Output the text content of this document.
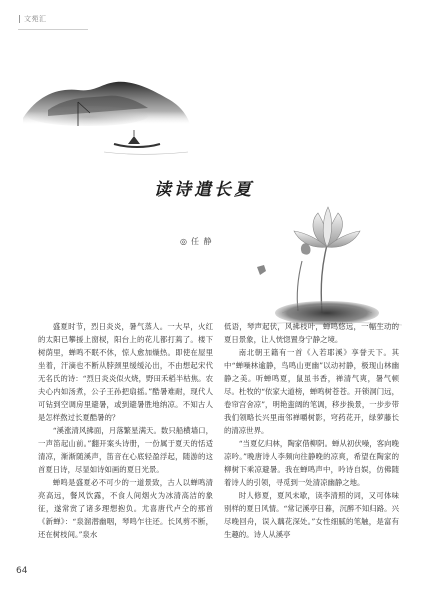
文苑汇
读诗遣长夏
◎ 任 静

盛夏时节，烈日炎炎，暑气蒸人。一大早，火红的太阳已攀援上窗棂，阳台上的花儿都打蔫了。楼下树荫里，蝉鸣不眠不休，惊人愈加燥热。即使在屋里坐着，汗滴也不断从脖颈里缓缓沁出，不由想起宋代无名氏的诗：“烈日炎炎似火烧，野田禾稻半枯焦。农夫心内如汤煮，公子王孙把扇摇。”酷暑难耐，现代人可钻到空调房里避暑，或到避暑胜地纳凉。不知古人是怎样熬过长夏酷暑的？

“溪涨清风拂面，月落繁星满天。数只船横墙口，一声笛起山前。”翻开案头诗册，一份属于夏天的恬适清凉，渐渐随溪声，笛音在心底轻盈浮起，随游的这首夏日诗，尽显如诗如画的夏日光景。

蝉鸣是盛夏必不可少的一道景致，古人以蝉鸣清亮高远，餐风饮露，不食人间烟火为冰清高洁的象征，遂常赏了诸多理想抱负。尤喜唐代卢仝的那首《新蝉》：“泉溜潜幽咽，琴鸣乍往还。长风剪不断，还在树枝间。”泉水

低语，琴声起伏，风拂枝叶，蝉鸣悠远，一幅生动的夏日景象，让人恍惚置身宁静之境。

南北朝王籍有一首《入若耶溪》享誉天下。其中“蝉噪林逾静，鸟鸣山更幽”以动衬静，极现山林幽静之美。听蝉鸣夏，鼠虽书香，禅清气爽，暑气顿尽。杜牧的“依家大道榜，蝉鸣树苍苍。开锁洞门远，卷帘宫舍凉”，明艳蛮阔的笔调，移步换景，一步步带我们领略长兴里南邻禅嚼树影，穹药花开，绿萝藤长的清凉世界。

“当夏亿归林，陶家借柳阴。蝉从初伏噪，客向晚凉吟。”晚唐诗人李频向往静晚的凉爽，希望在陶家的柳树下乘凉避暑。我在蝉鸣声中，吟诗自娱，仿佛随着诗人的引领，寻觅到一处清凉幽静之地。

时人修夏，夏风未歇，读李清照的词，又可体味别样的夏日风情。“常记溪亭日暮，沉醉不知归路。兴尽晚回舟，误入藕花深处。”女性细腻的笔触，是富有生趣的。诗人从溪亭

64
